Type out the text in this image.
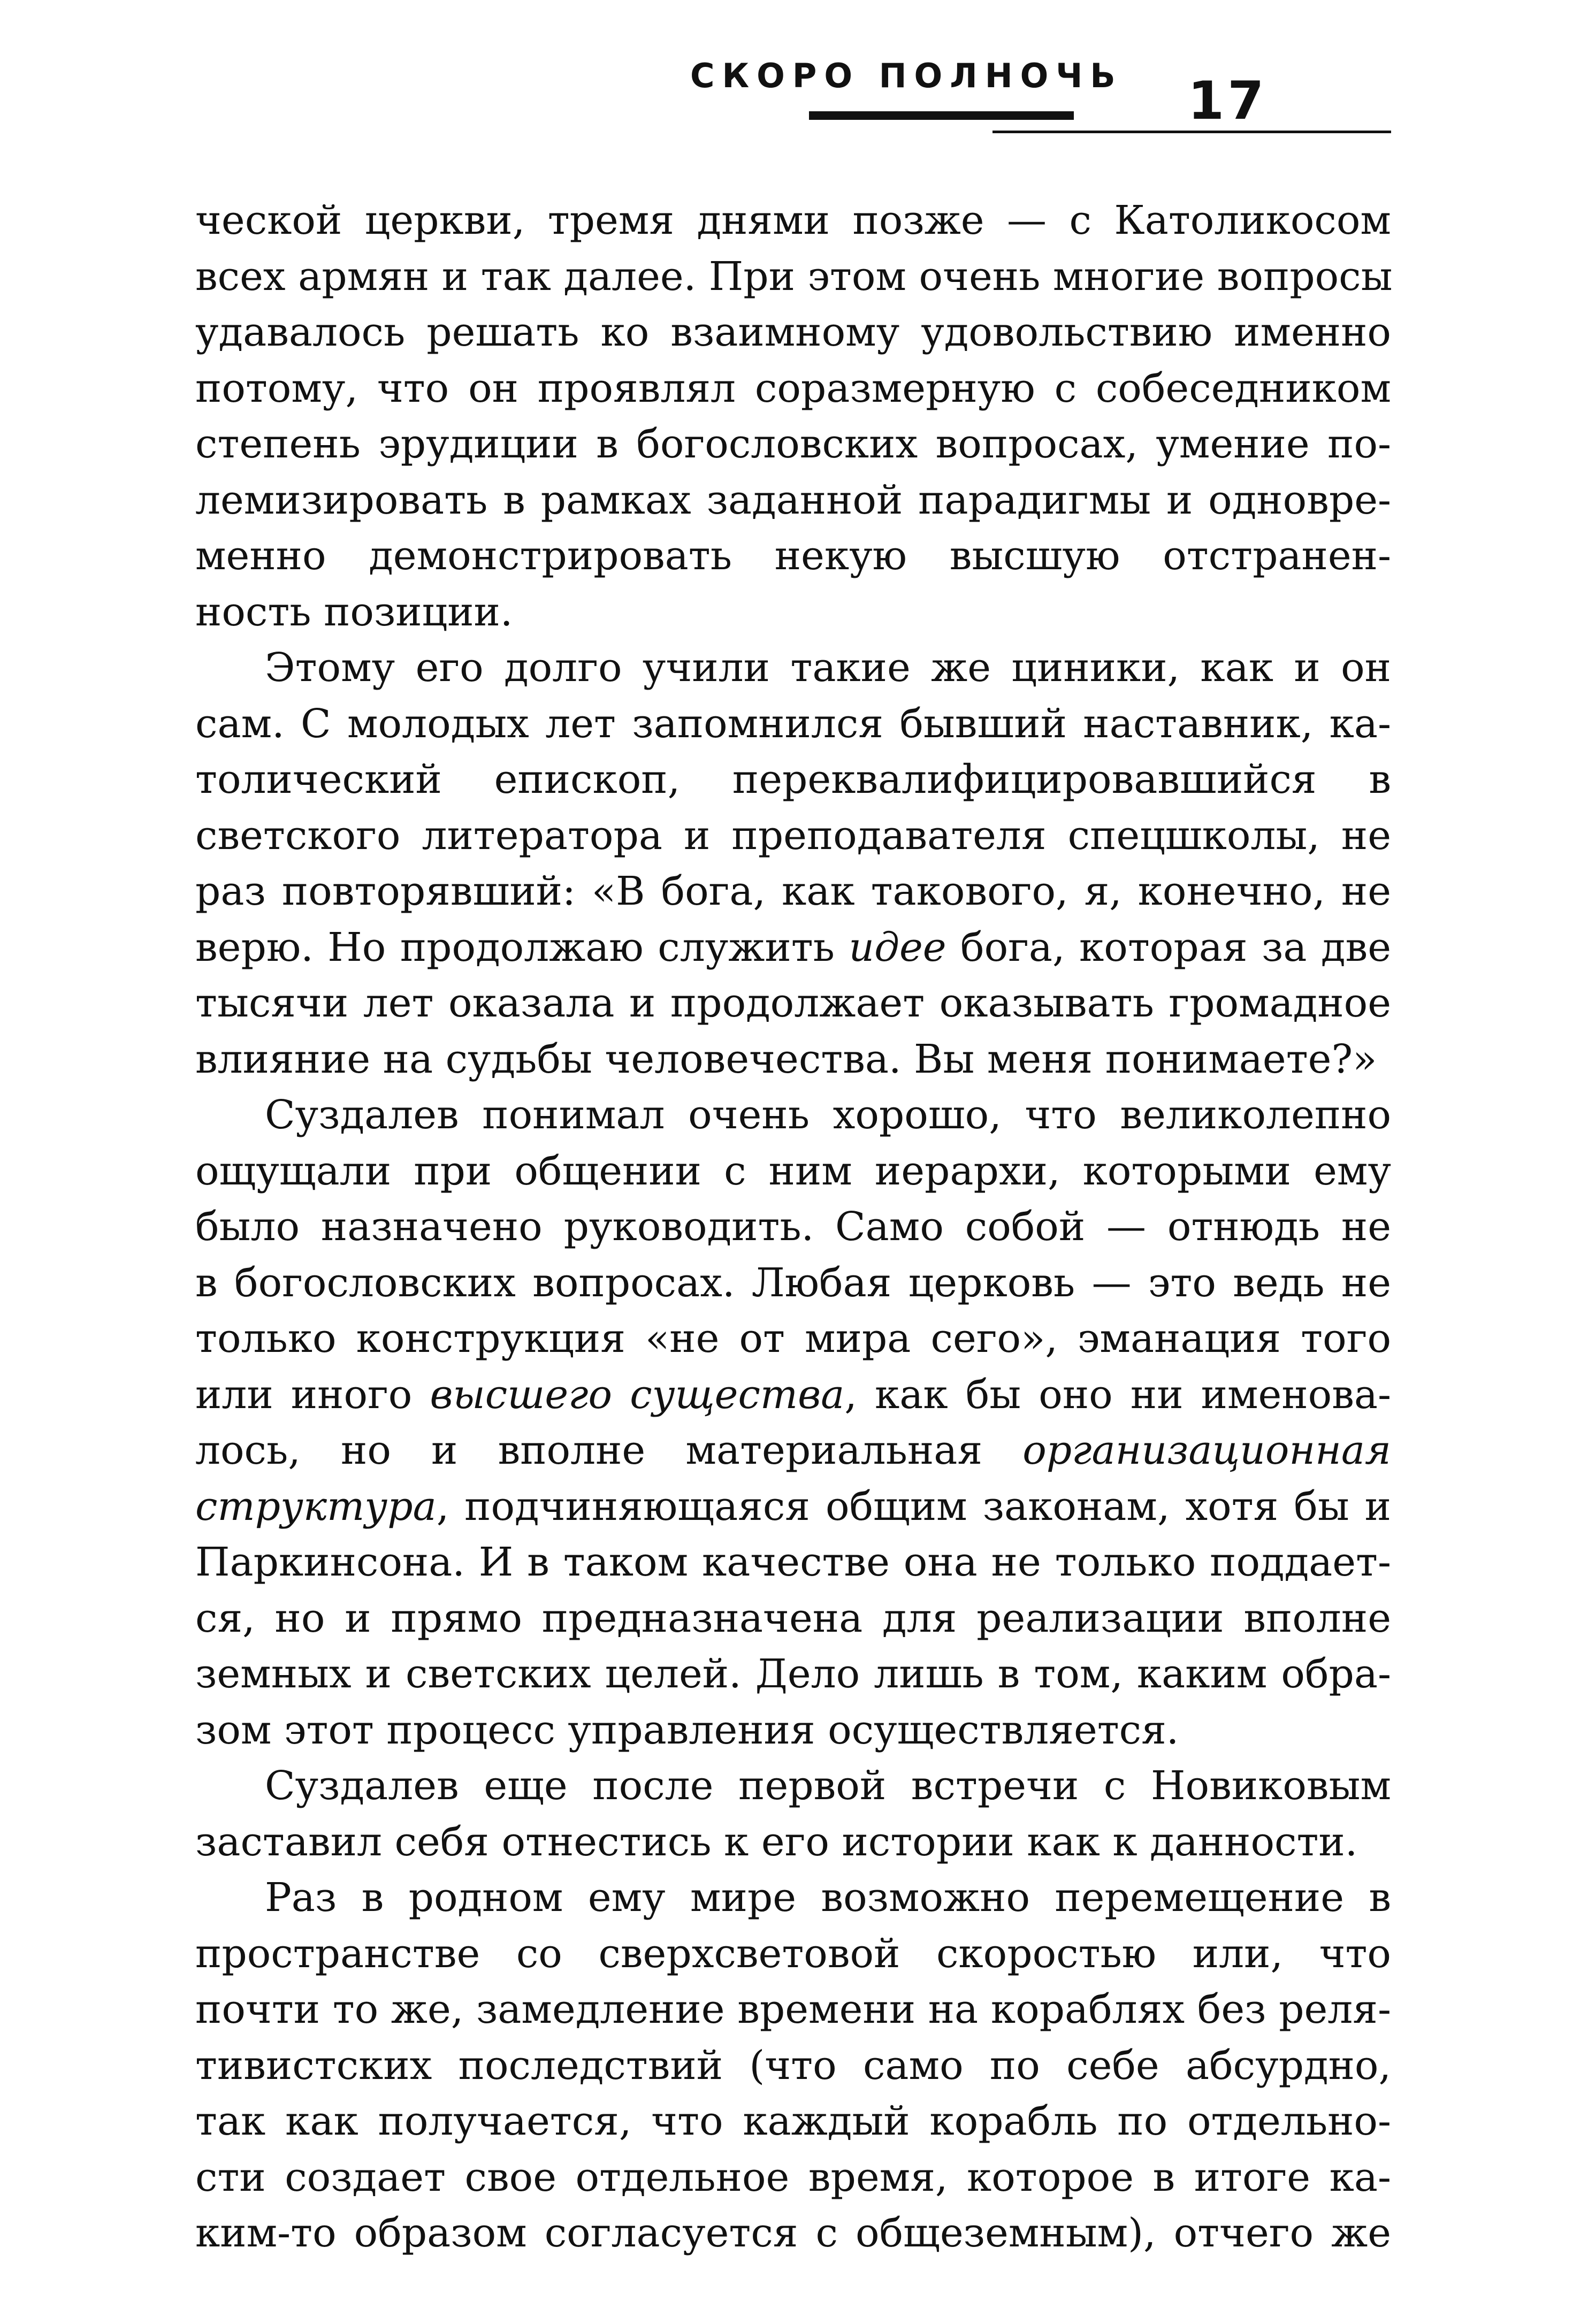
СКОРО ПОЛНОЧЬ 17
ческой церкви, тремя днями позже — с Католикосом
всех армян и так далее. При этом очень многие вопросы
удавалось решать ко взаимному удовольствию именно
потому, что он проявлял соразмерную с собеседником
степень эрудиции в богословских вопросах, умение по-
лемизировать в рамках заданной парадигмы и одновре-
менно демонстрировать некую высшую отстранен-
ность позиции.
Этому его долго учили такие же циники, как и он
сам. С молодых лет запомнился бывший наставник, ка-
толический епископ, переквалифицировавшийся в
светского литератора и преподавателя спецшколы, не
раз повторявший: «В бога, как такового, я, конечно, не
верю. Но продолжаю служить идее бога, которая за две
тысячи лет оказала и продолжает оказывать громадное
влияние на судьбы человечества. Вы меня понимаете?»
Суздалев понимал очень хорошо, что великолепно
ощущали при общении с ним иерархи, которыми ему
было назначено руководить. Само собой — отнюдь не
в богословских вопросах. Любая церковь — это ведь не
только конструкция «не от мира сего», эманация того
или иного высшего существа, как бы оно ни именова-
лось, но и вполне материальная организационная
структура, подчиняющаяся общим законам, хотя бы и
Паркинсона. И в таком качестве она не только поддает-
ся, но и прямо предназначена для реализации вполне
земных и светских целей. Дело лишь в том, каким обра-
зом этот процесс управления осуществляется.
Суздалев еще после первой встречи с Новиковым
заставил себя отнестись к его истории как к данности.
Раз в родном ему мире возможно перемещение в
пространстве со сверхсветовой скоростью или, что
почти то же, замедление времени на кораблях без реля-
тивистских последствий (что само по себе абсурдно,
так как получается, что каждый корабль по отдельно-
сти создает свое отдельное время, которое в итоге ка-
ким-то образом согласуется с общеземным), отчего же
